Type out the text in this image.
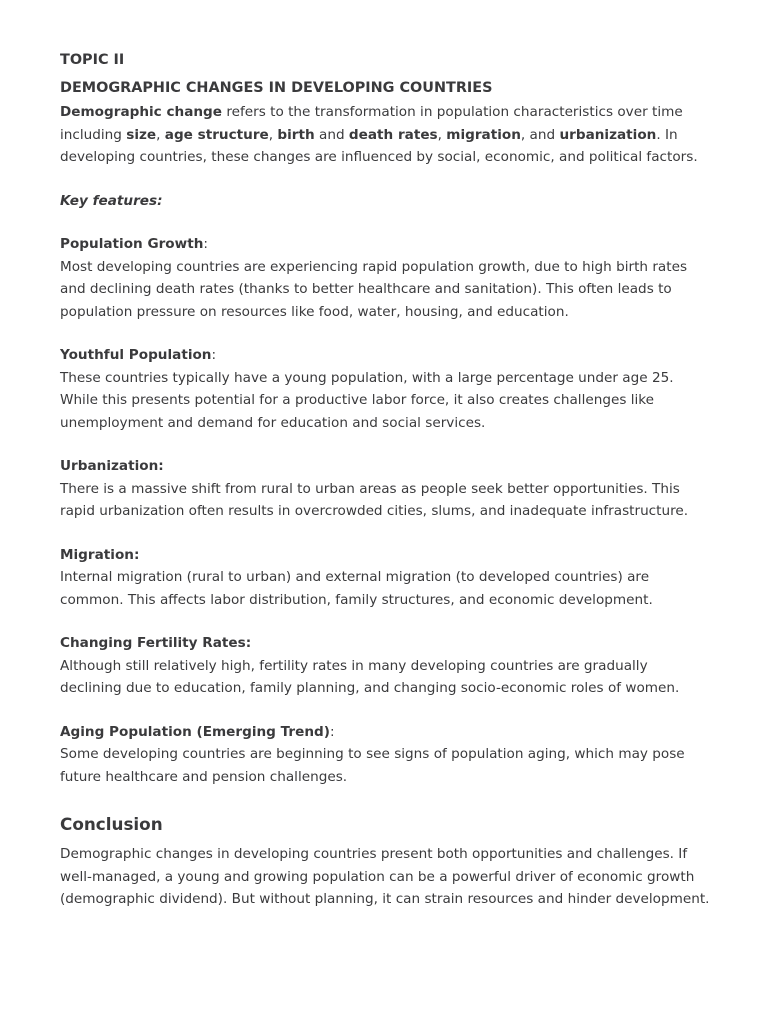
TOPIC II

DEMOGRAPHIC CHANGES IN DEVELOPING COUNTRIES

Demographic change refers to the transformation in population characteristics over time including size, age structure, birth and death rates, migration, and urbanization. In developing countries, these changes are influenced by social, economic, and political factors.

Key features:

Population Growth:

Most developing countries are experiencing rapid population growth, due to high birth rates and declining death rates (thanks to better healthcare and sanitation). This often leads to population pressure on resources like food, water, housing, and education.

Youthful Population:

These countries typically have a young population, with a large percentage under age 25. While this presents potential for a productive labor force, it also creates challenges like unemployment and demand for education and social services.

Urbanization:

There is a massive shift from rural to urban areas as people seek better opportunities. This rapid urbanization often results in overcrowded cities, slums, and inadequate infrastructure.

Migration:

Internal migration (rural to urban) and external migration (to developed countries) are common. This affects labor distribution, family structures, and economic development.

Changing Fertility Rates:

Although still relatively high, fertility rates in many developing countries are gradually declining due to education, family planning, and changing socio-economic roles of women.

Aging Population (Emerging Trend):

Some developing countries are beginning to see signs of population aging, which may pose future healthcare and pension challenges.

Conclusion

Demographic changes in developing countries present both opportunities and challenges. If well-managed, a young and growing population can be a powerful driver of economic growth (demographic dividend). But without planning, it can strain resources and hinder development.
